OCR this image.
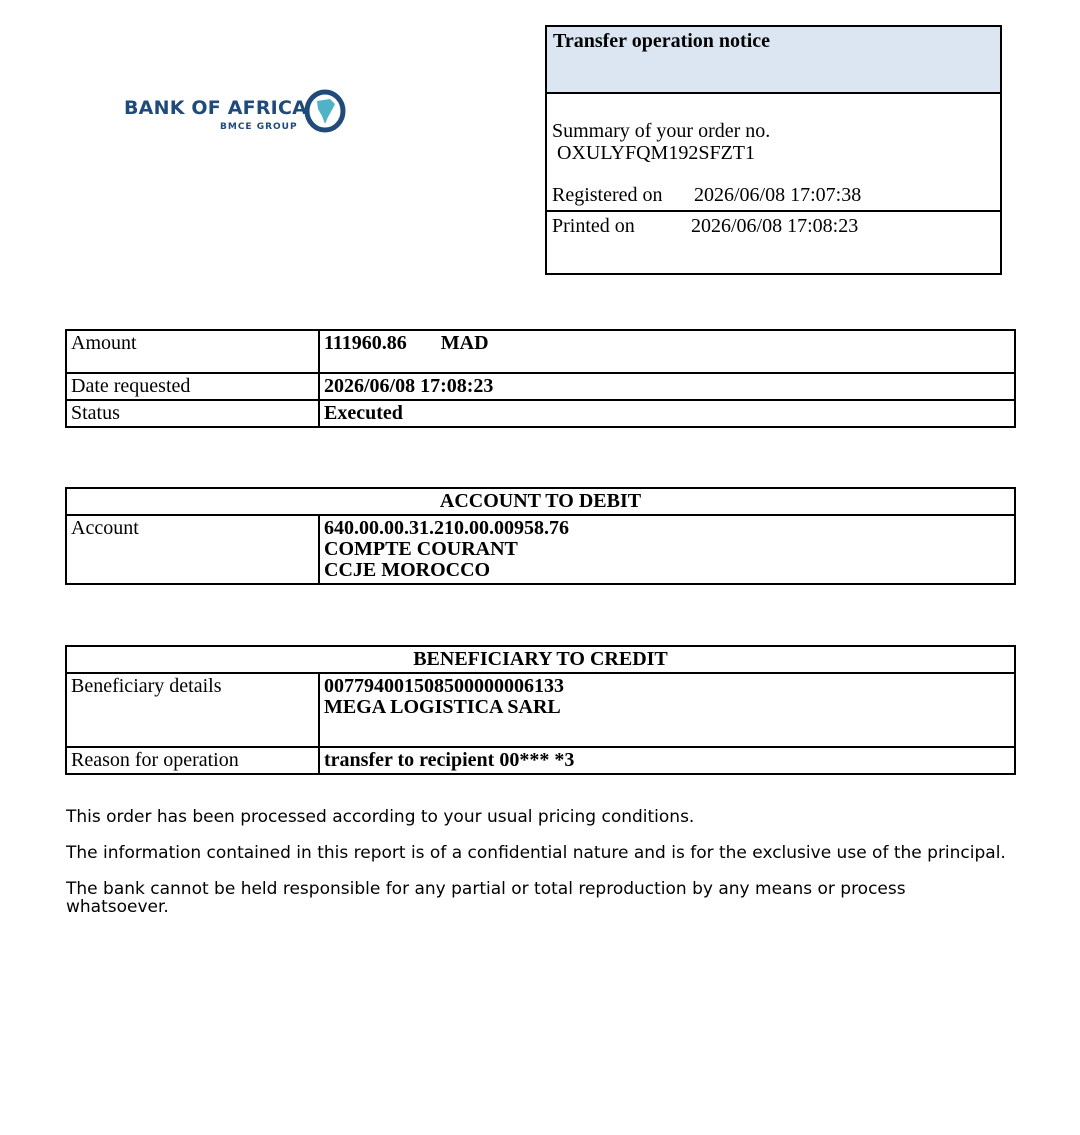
BANK OF AFRICA
BMCE GROUP
Transfer operation notice
Summary of your order no.
OXULYFQM192SFZT1
Registered on 2026/06/08 17:07:38
Printed on	2026/06/08 17:08:23
Amount	111960.86 MAD
Date requested	2026/06/08 17:08:23
Status	Executed
ACCOUNT TO DEBIT
Account	640.00.00.31.210.00.00958.76
COMPTE COURANT
CCJE MOROCCO
BENEFICIARY TO CREDIT	
Beneficiary details	007794001508500000006133
MEGA LOGISTICA SARL

Reason for operation	transfer to recipient 00*** *3

This order has been processed according to your usual pricing conditions.

The information contained in this report is of a confidential nature and is for the exclusive use of the principal.

The bank cannot be held responsible for any partial or total reproduction by any means or process whatsoever.
